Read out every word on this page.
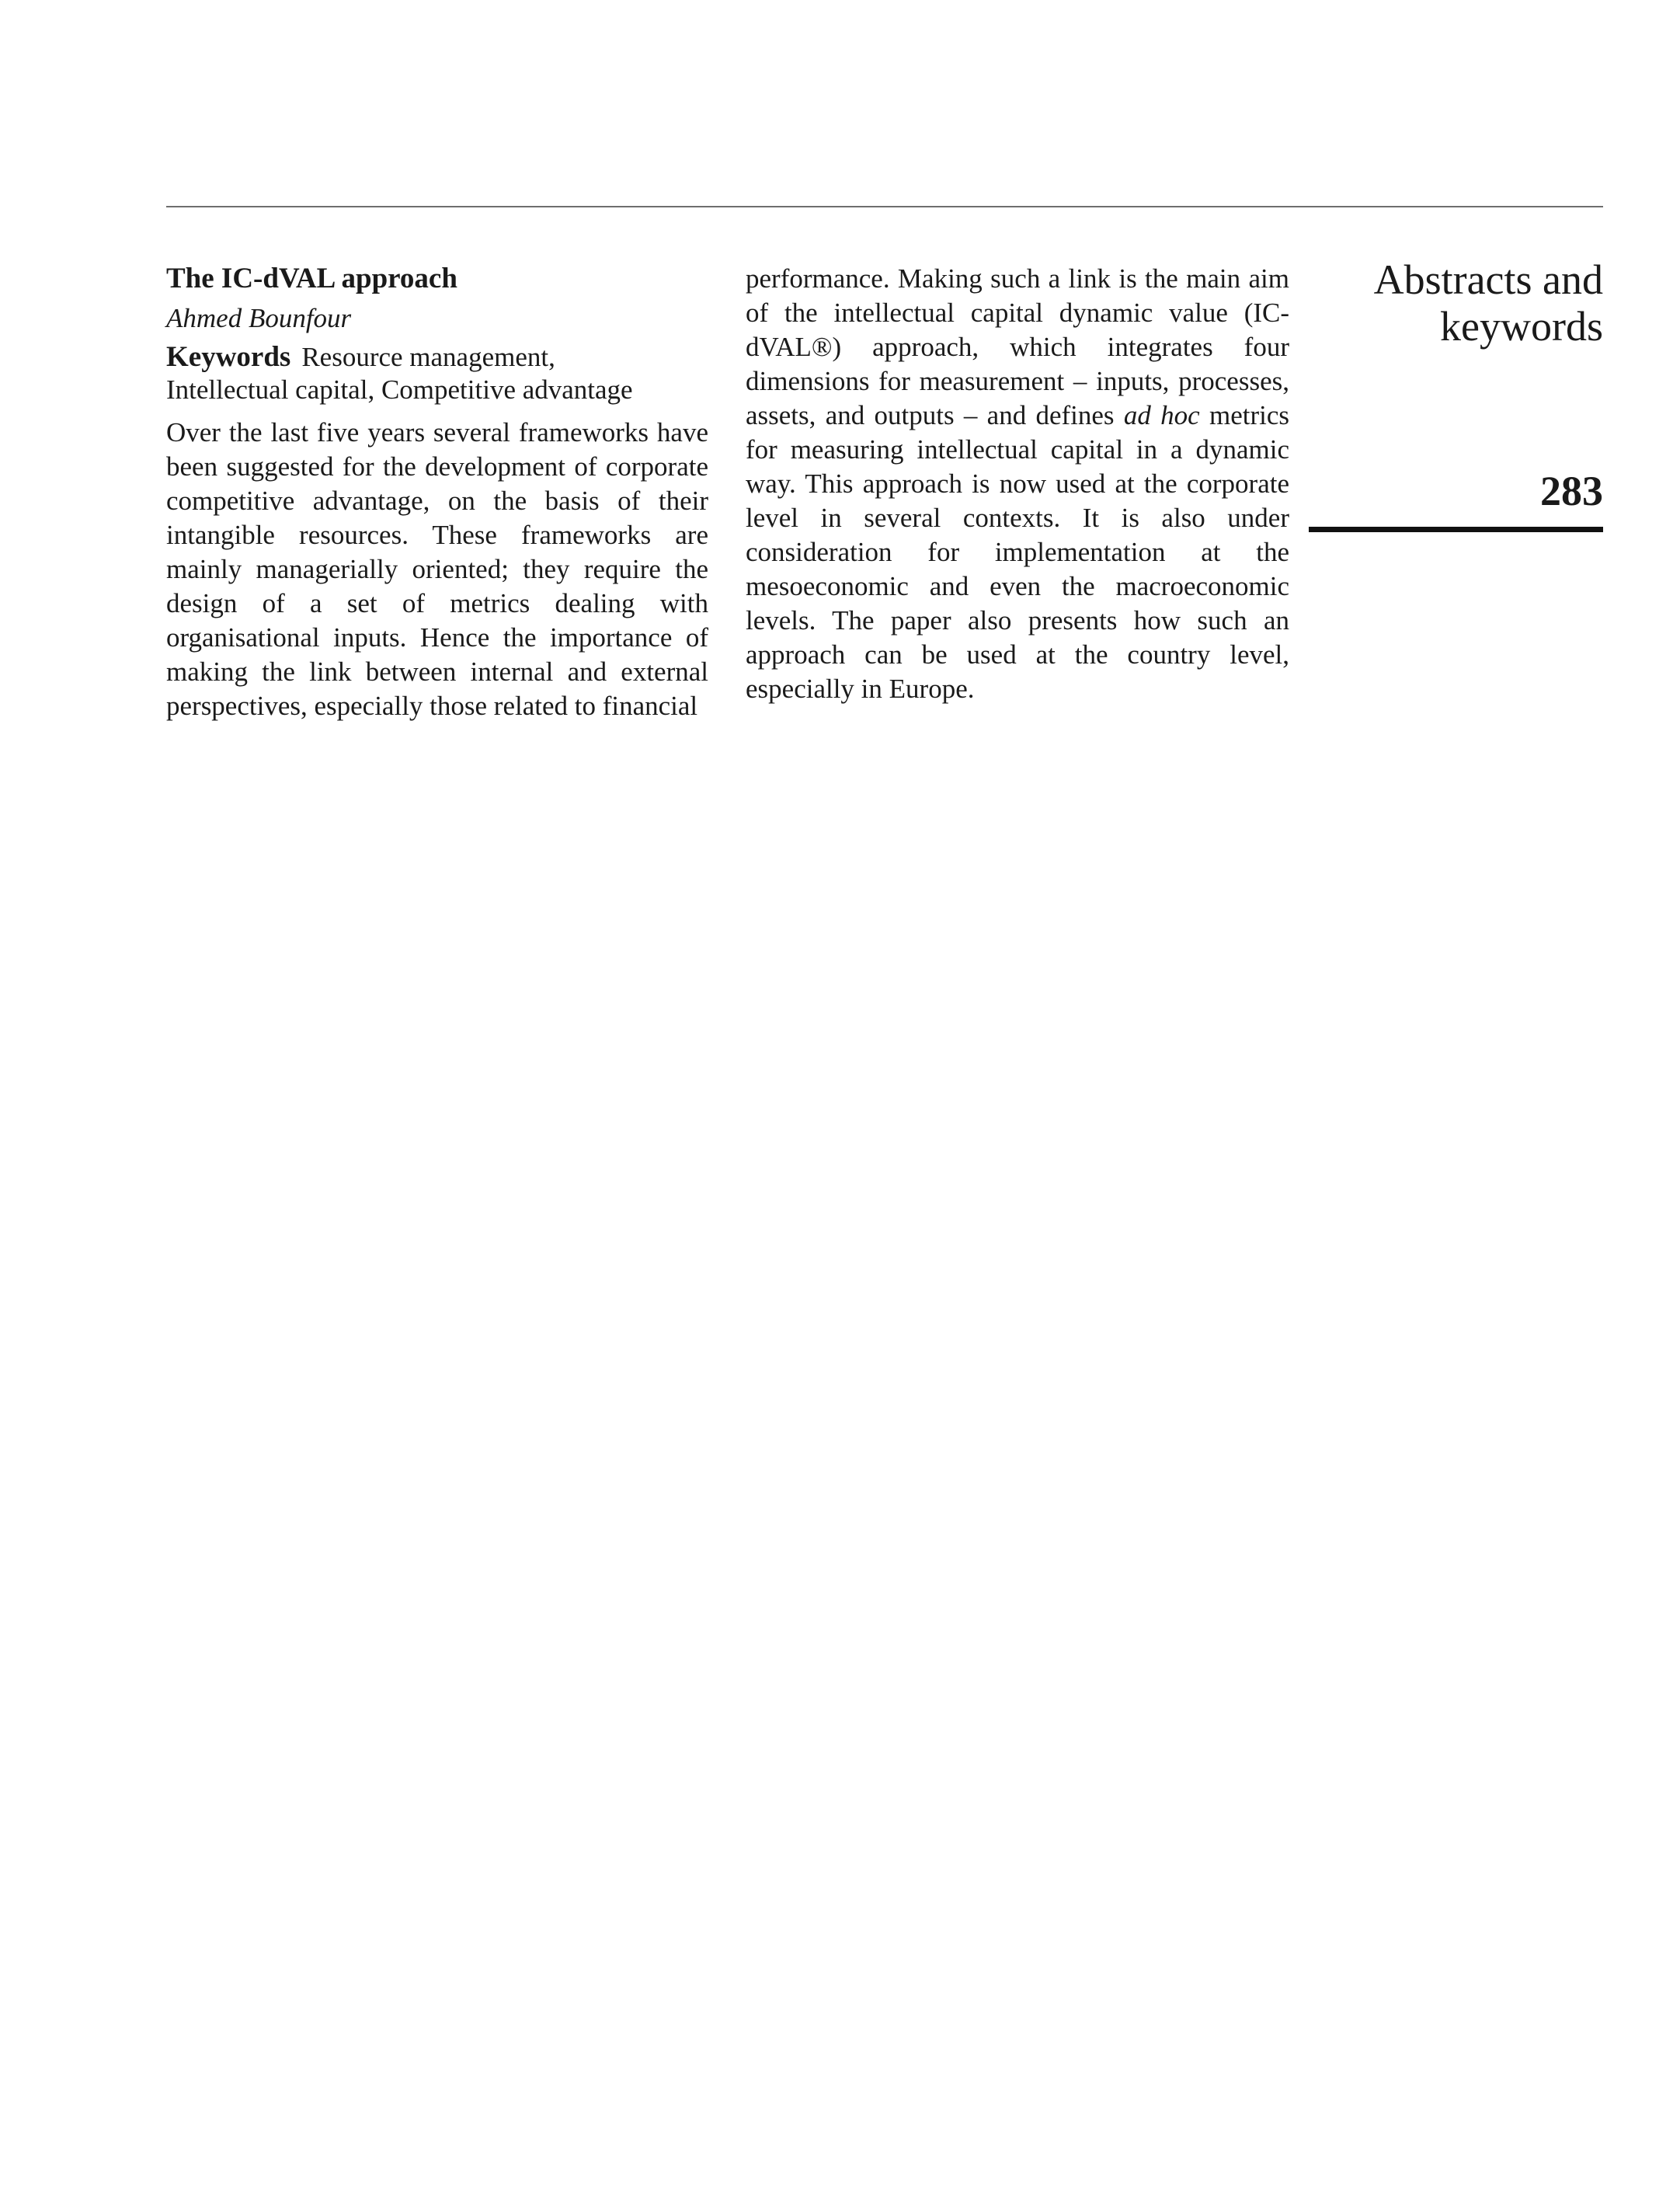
The IC-dVAL approach
Ahmed Bounfour
Keywords Resource management,
Intellectual capital, Competitive advantage

Over the last five years several frameworks have been suggested for the development of corporate competitive advantage, on the basis of their intangible resources. These frameworks are mainly managerially oriented; they require the design of a set of metrics dealing with organisational inputs. Hence the importance of making the link between internal and external perspectives, especially those related to financial

performance. Making such a link is the main aim of the intellectual capital dynamic value (IC-dVAL®) approach, which integrates four dimensions for measurement – inputs, processes, assets, and outputs – and defines ad hoc metrics for measuring intellectual capital in a dynamic way. This approach is now used at the corporate level in several contexts. It is also under consideration for implementation at the mesoeconomic and even the macroeconomic levels. The paper also presents how such an approach can be used at the country level, especially in Europe.

Abstracts and
keywords
283
